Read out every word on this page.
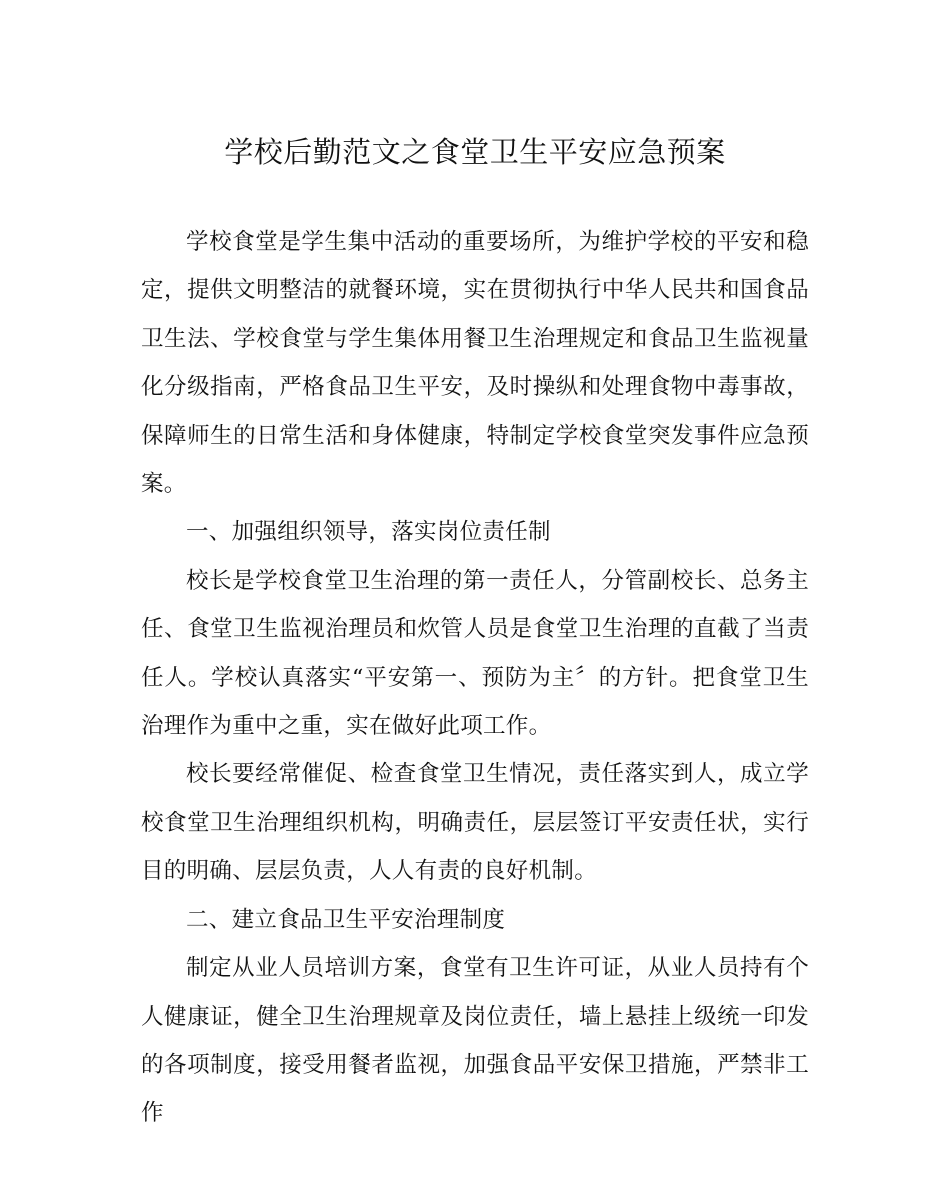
学校后勤范文之食堂卫生平安应急预案

学校食堂是学生集中活动的重要场所，为维护学校的平安和稳定，提供文明整洁的就餐环境，实在贯彻执行中华人民共和国食品卫生法、学校食堂与学生集体用餐卫生治理规定和食品卫生监视量化分级指南，严格食品卫生平安，及时操纵和处理食物中毒事故，保障师生的日常生活和身体健康，特制定学校食堂突发事件应急预案。

一、加强组织领导，落实岗位责任制

校长是学校食堂卫生治理的第一责任人，分管副校长、总务主任、食堂卫生监视治理员和炊管人员是食堂卫生治理的直截了当责任人。学校认真落实“平安第一、预防为主〞的方针。把食堂卫生治理作为重中之重，实在做好此项工作。

校长要经常催促、检查食堂卫生情况，责任落实到人，成立学校食堂卫生治理组织机构，明确责任，层层签订平安责任状，实行目的明确、层层负责，人人有责的良好机制。

二、建立食品卫生平安治理制度

制定从业人员培训方案，食堂有卫生许可证，从业人员持有个人健康证，健全卫生治理规章及岗位责任，墙上悬挂上级统一印发的各项制度，接受用餐者监视，加强食品平安保卫措施，严禁非工作
